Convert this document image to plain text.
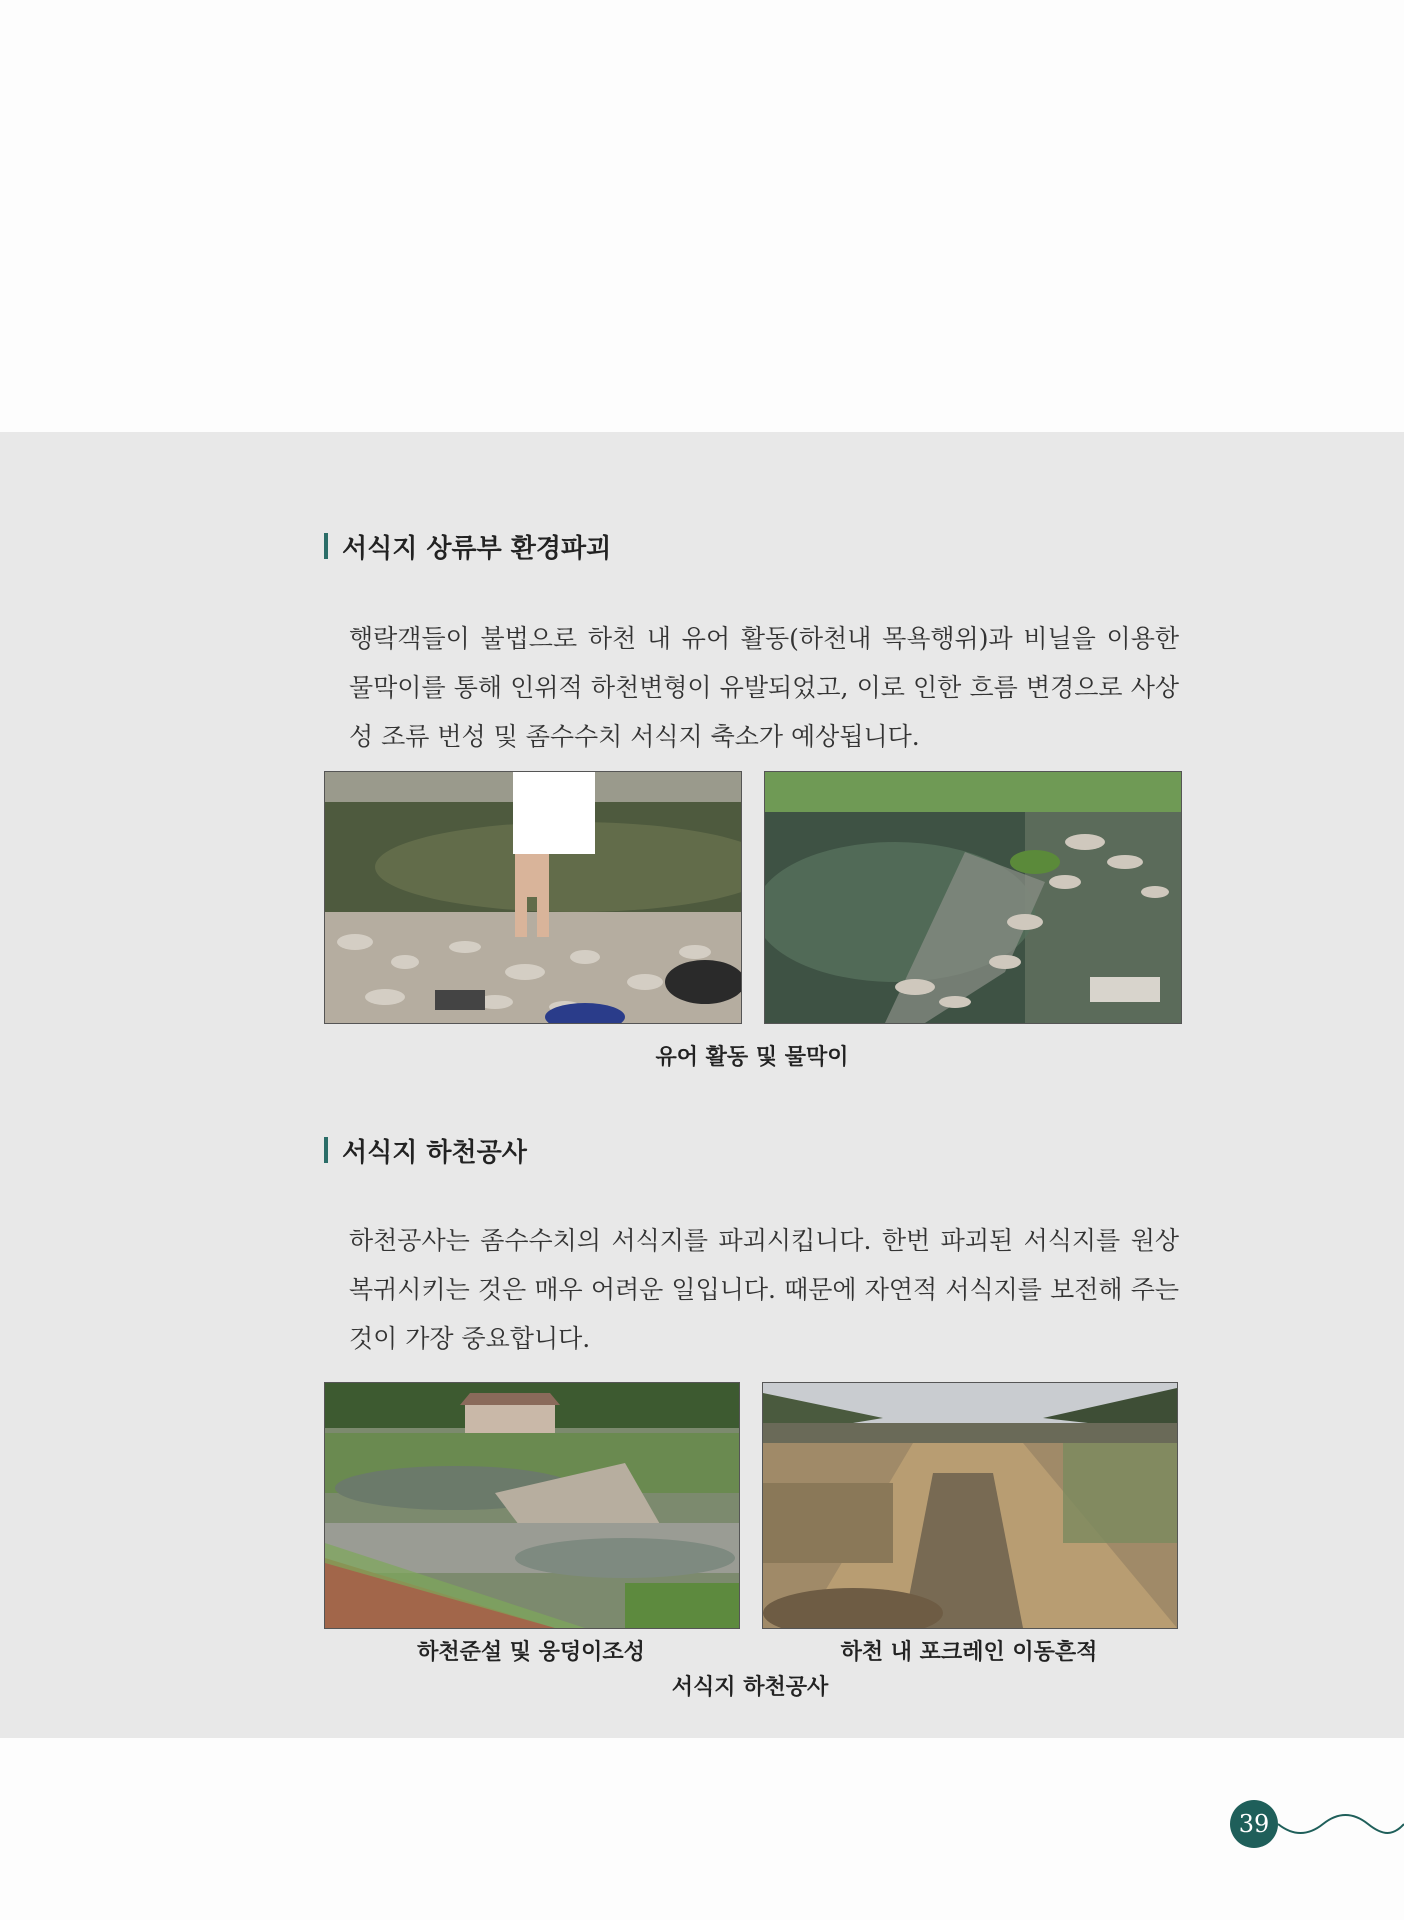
서식지 상류부 환경파괴

행락객들이 불법으로 하천 내 유어 활동(하천내 목욕행위)과 비닐을 이용한 물막이를 통해 인위적 하천변형이 유발되었고, 이로 인한 흐름 변경으로 사상성 조류 번성 및 좀수수치 서식지 축소가 예상됩니다.

유어 활동 및 물막이
서식지 하천공사

하천공사는 좀수수치의 서식지를 파괴시킵니다. 한번 파괴된 서식지를 원상복귀시키는 것은 매우 어려운 일입니다. 때문에 자연적 서식지를 보전해 주는것이 가장 중요합니다.

하천준설 및 웅덩이조성	하천 내 포크레인 이동흔적
서식지 하천공사
39
